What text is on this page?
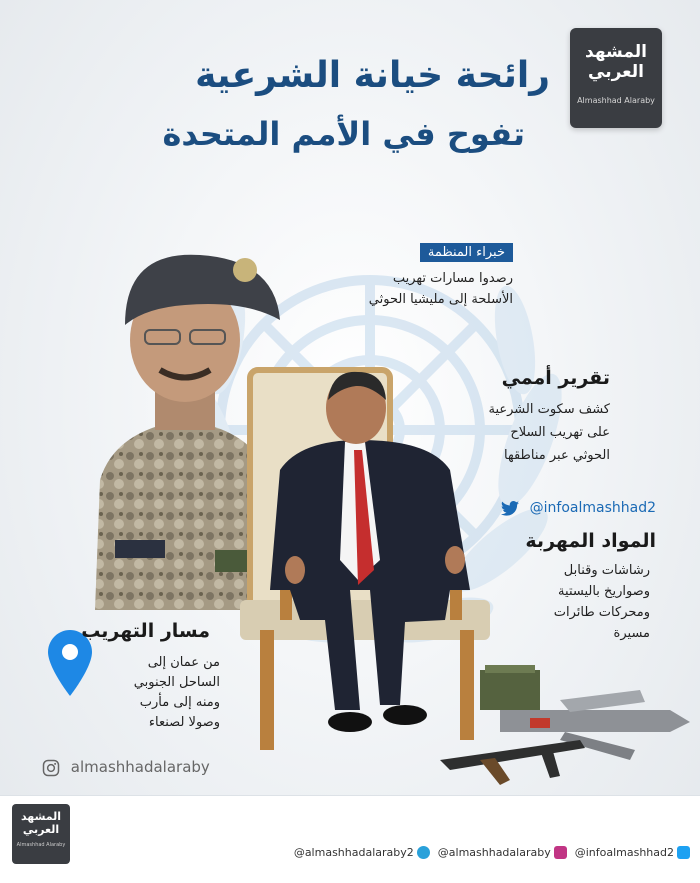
المشهد
العربي
Almashhad Alaraby
رائحة خيانة الشرعية
تفوح في الأمم المتحدة
خبراء المنظمة
رصدوا مسارات تهريب
الأسلحة إلى مليشيا الحوثي
تقرير أممي
كشف سكوت الشرعية
على تهريب السلاح
الحوثي عبر مناطقها
@infoalmashhad2
المواد المهربة
رشاشات وقنابل
وصواريخ باليستية
ومحركات طائرات
مسيرة
مسار التهريب
من عمان إلى
الساحل الجنوبي
ومنه إلى مأرب
وصولا لصنعاء
almashhadalaraby
المشهد
العربي
Almashhad Alaraby
@almashhadalaraby2 @almashhadalaraby @infoalmashhad2
